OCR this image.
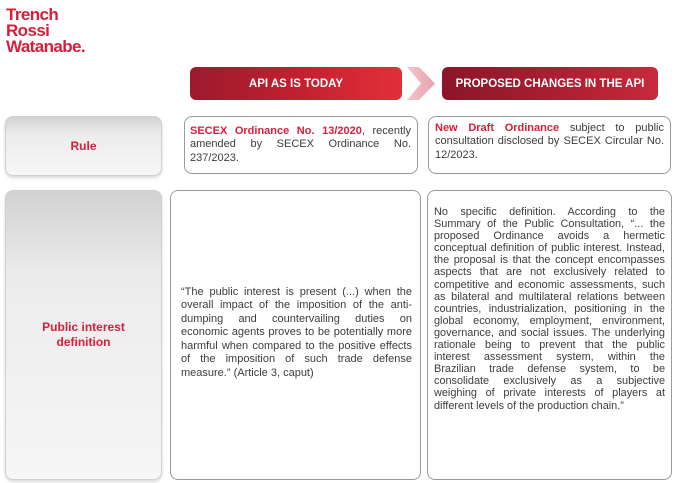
Trench
Rossi
Watanabe.
API AS IS TODAY	PROPOSED CHANGES IN THE API
Rule
SECEX Ordinance No. 13/2020, recently amended by SECEX Ordinance No. 237/2023.
New Draft Ordinance subject to public consultation disclosed by SECEX Circular No. 12/2023.
Public interest definition

“The public interest is present (...) when the overall impact of the imposition of the anti-dumping and countervailing duties on economic agents proves to be potentially more harmful when compared to the positive effects of the imposition of such trade defense measure.” (Article 3, caput)

No specific definition. According to the Summary of the Public Consultation, “... the proposed Ordinance avoids a hermetic conceptual definition of public interest. Instead, the proposal is that the concept encompasses aspects that are not exclusively related to competitive and economic assessments, such as bilateral and multilateral relations between countries, industrialization, positioning in the global economy, employment, environment, governance, and social issues. The underlying rationale being to prevent that the public interest assessment system, within the Brazilian trade defense system, to be consolidate exclusively as a subjective weighing of private interests of players at different levels of the production chain.”
